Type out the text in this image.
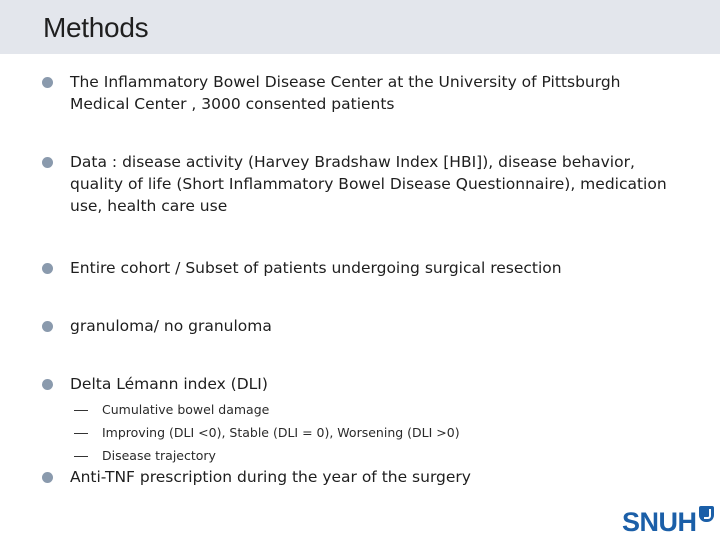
Methods
The Inflammatory Bowel Disease Center at the University of Pittsburgh Medical Center , 3000 consented patients
Data : disease activity (Harvey Bradshaw Index [HBI]), disease behavior, quality of life (Short Inflammatory Bowel Disease Questionnaire), medication use, health care use
Entire cohort / Subset of patients undergoing surgical resection
granuloma/ no granuloma
Delta Lémann index (DLI)
Cumulative bowel damage
Improving (DLI <0), Stable (DLI = 0), Worsening (DLI >0)
Disease trajectory
Anti-TNF prescription during the year of the surgery
SNUH
